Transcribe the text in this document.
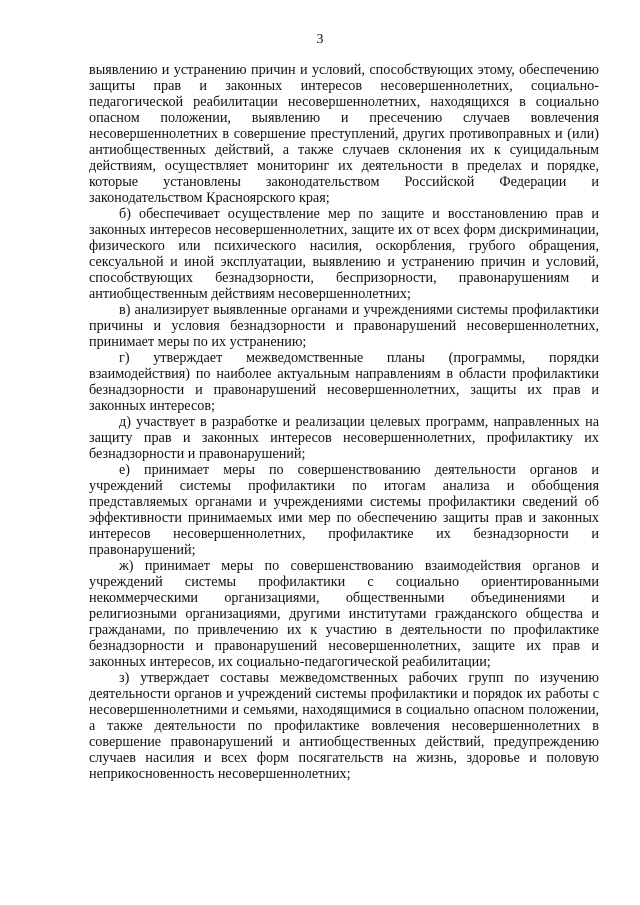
3

выявлению и устранению причин и условий, способствующих этому, обеспечению защиты прав и законных интересов несовершеннолетних, социально-педагогической реабилитации несовершеннолетних, находящихся в социально опасном положении, выявлению и пресечению случаев вовлечения несовершеннолетних в совершение преступлений, других противоправных и (или) антиобщественных действий, а также случаев склонения их к суицидальным действиям, осуществляет мониторинг их деятельности в пределах и порядке, которые установлены законодательством Российской Федерации и законодательством Красноярского края;

б) обеспечивает осуществление мер по защите и восстановлению прав и законных интересов несовершеннолетних, защите их от всех форм дискриминации, физического или психического насилия, оскорбления, грубого обращения, сексуальной и иной эксплуатации, выявлению и устранению причин и условий, способствующих безнадзорности, беспризорности, правонарушениям и антиобщественным действиям несовершеннолетних;

в) анализирует выявленные органами и учреждениями системы профилактики причины и условия безнадзорности и правонарушений несовершеннолетних, принимает меры по их устранению;

г) утверждает межведомственные планы (программы, порядки взаимодействия) по наиболее актуальным направлениям в области профилактики безнадзорности и правонарушений несовершеннолетних, защиты их прав и законных интересов;

д) участвует в разработке и реализации целевых программ, направленных на защиту прав и законных интересов несовершеннолетних, профилактику их безнадзорности и правонарушений;

е) принимает меры по совершенствованию деятельности органов и учреждений системы профилактики по итогам анализа и обобщения представляемых органами и учреждениями системы профилактики сведений об эффективности принимаемых ими мер по обеспечению защиты прав и законных интересов несовершеннолетних, профилактике их безнадзорности и правонарушений;

ж) принимает меры по совершенствованию взаимодействия органов и учреждений системы профилактики с социально ориентированными некоммерческими организациями, общественными объединениями и религиозными организациями, другими институтами гражданского общества и гражданами, по привлечению их к участию в деятельности по профилактике безнадзорности и правонарушений несовершеннолетних, защите их прав и законных интересов, их социально-педагогической реабилитации;

з) утверждает составы межведомственных рабочих групп по изучению деятельности органов и учреждений системы профилактики и порядок их работы с несовершеннолетними и семьями, находящимися в социально опасном положении, а также деятельности по профилактике вовлечения несовершеннолетних в совершение правонарушений и антиобщественных действий, предупреждению случаев насилия и всех форм посягательств на жизнь, здоровье и половую неприкосновенность несовершеннолетних;
